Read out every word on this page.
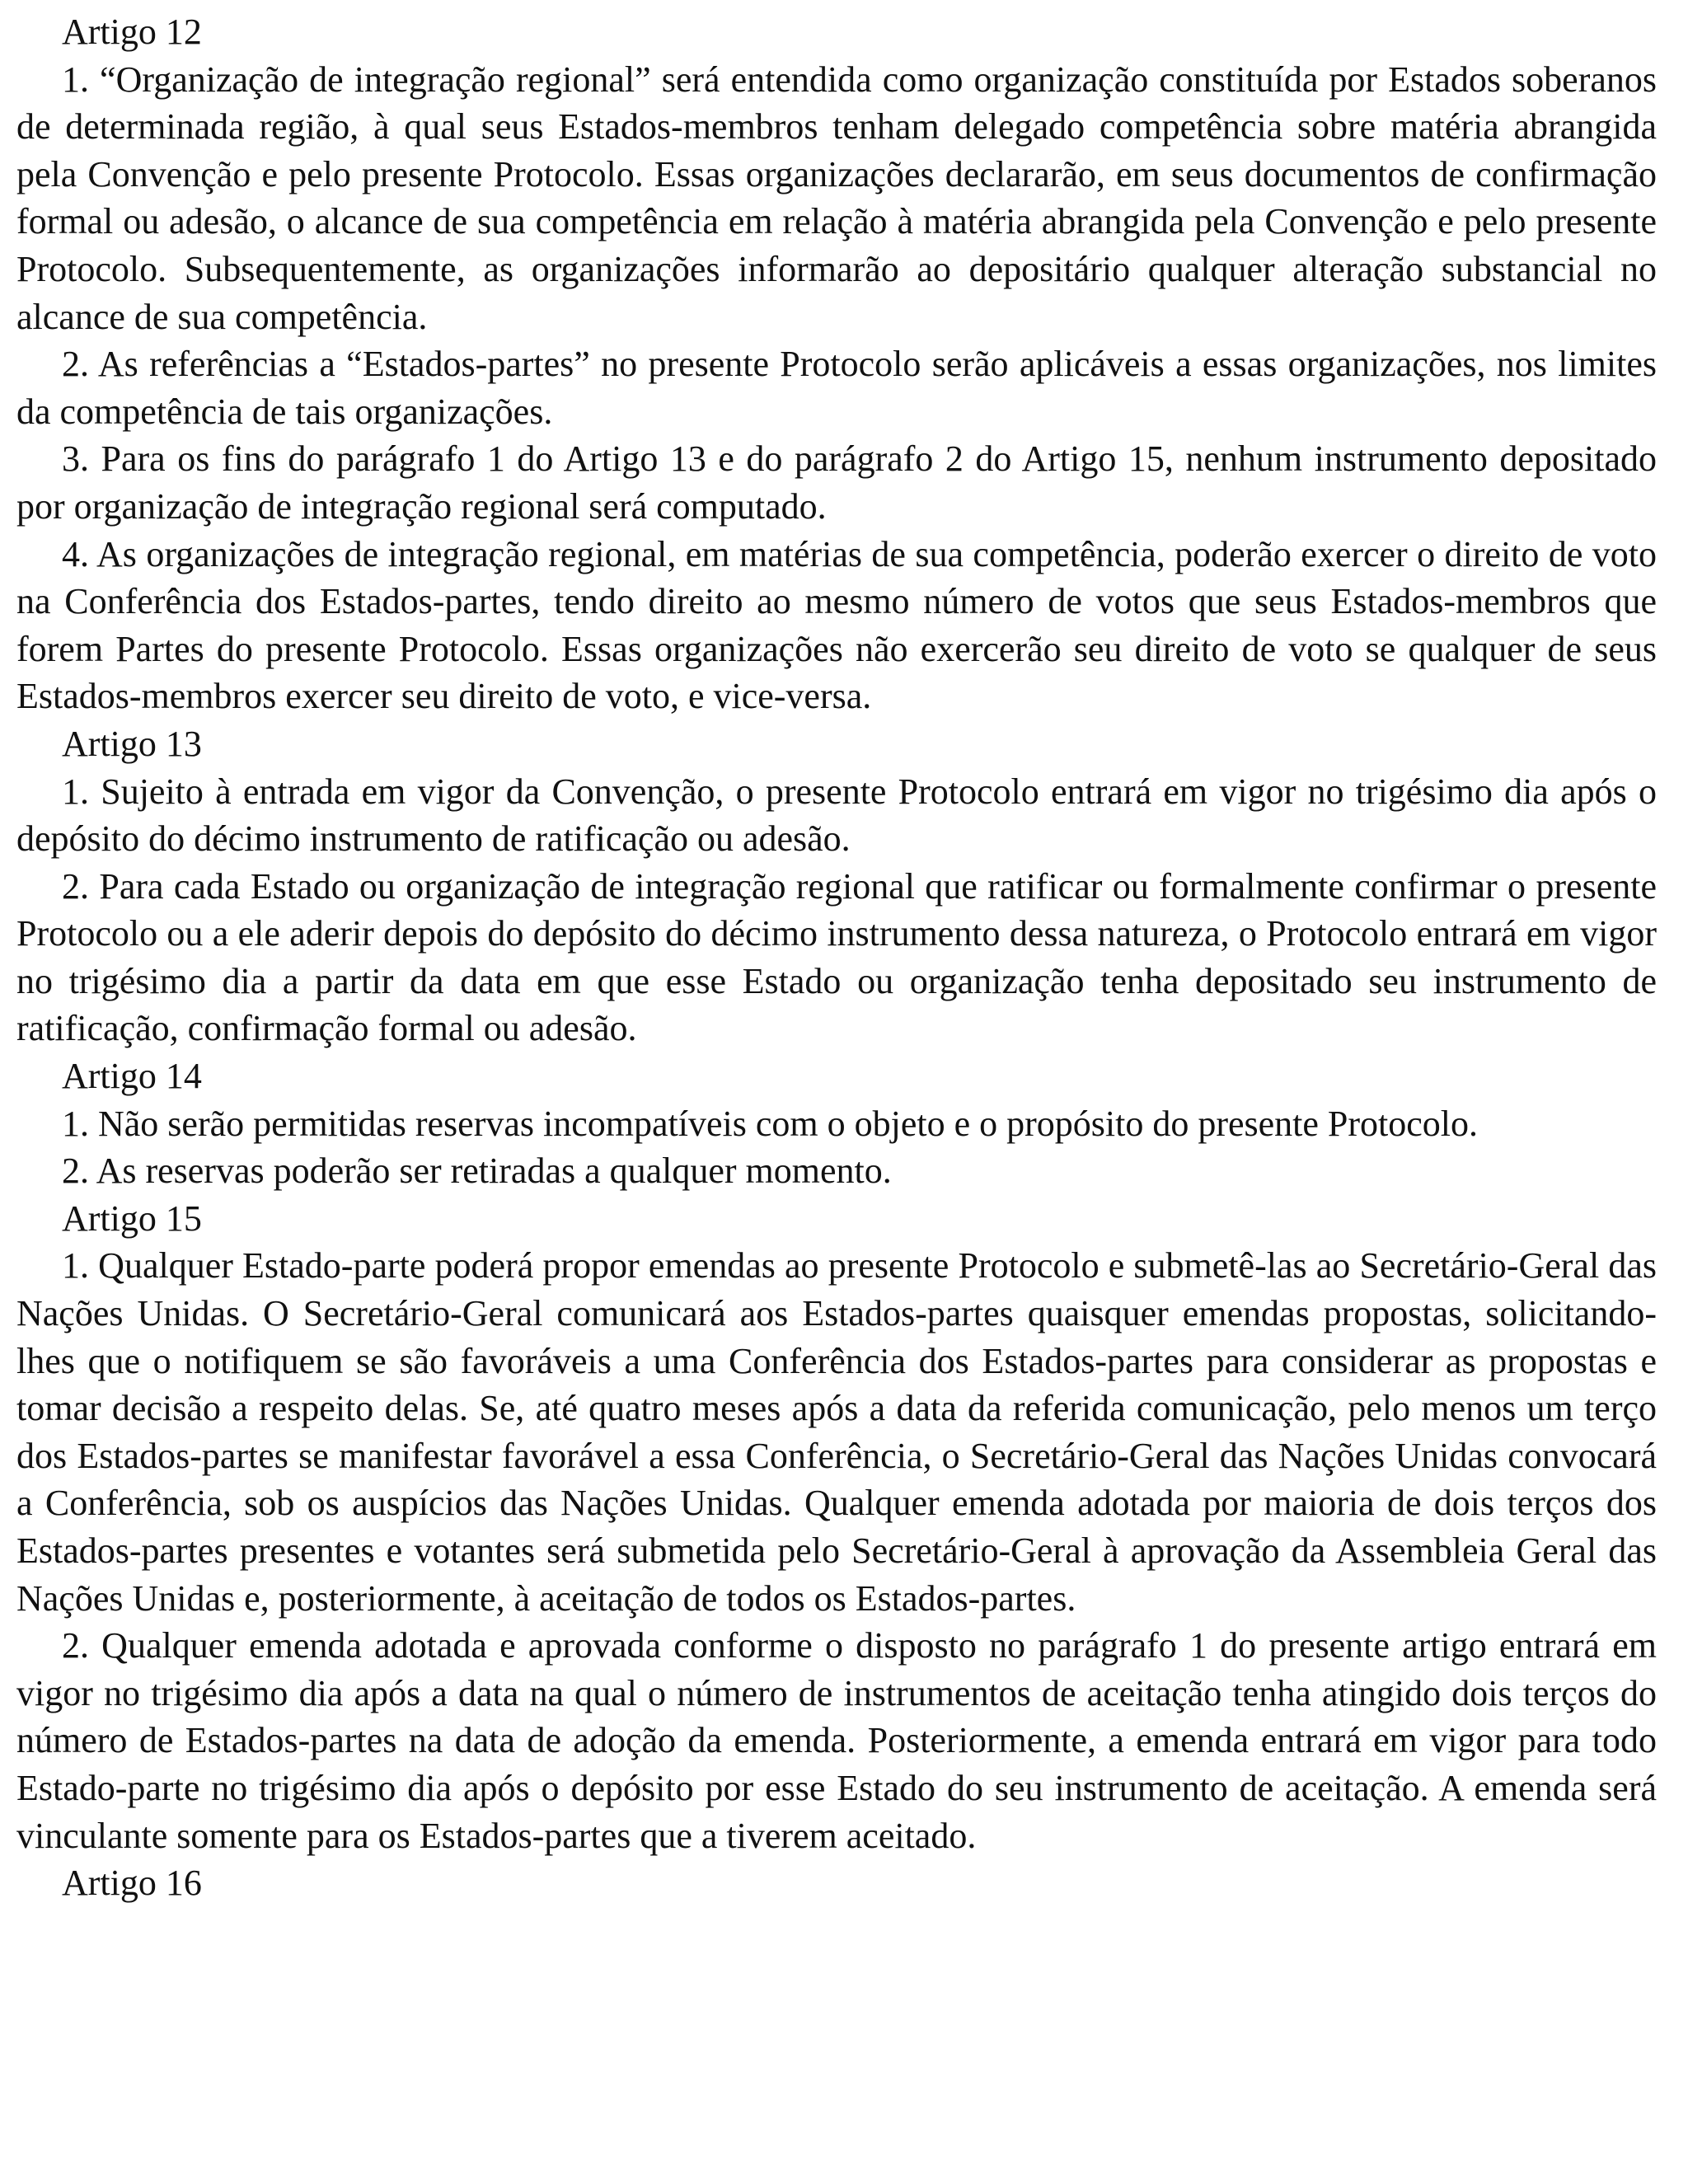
Artigo 12

1. “Organização de integração regional” será entendida como organização constituída por Estados soberanos de determinada região, à qual seus Estados-membros tenham delegado competência sobre matéria abrangida pela Convenção e pelo presente Protocolo. Essas organizações declararão, em seus documentos de confirmação formal ou adesão, o alcance de sua competência em relação à matéria abrangida pela Convenção e pelo presente Protocolo. Subsequentemente, as organizações informarão ao depositário qualquer alteração substancial no alcance de sua competência.

2. As referências a “Estados-partes” no presente Protocolo serão aplicáveis a essas organizações, nos limites da competência de tais organizações.

3. Para os fins do parágrafo 1 do Artigo 13 e do parágrafo 2 do Artigo 15, nenhum instrumento depositado por organização de integração regional será computado.

4. As organizações de integração regional, em matérias de sua competência, poderão exercer o direito de voto na Conferência dos Estados-partes, tendo direito ao mesmo número de votos que seus Estados-membros que forem Partes do presente Protocolo. Essas organizações não exercerão seu direito de voto se qualquer de seus Estados-membros exercer seu direito de voto, e vice-versa.

Artigo 13

1. Sujeito à entrada em vigor da Convenção, o presente Protocolo entrará em vigor no trigésimo dia após o depósito do décimo instrumento de ratificação ou adesão.

2. Para cada Estado ou organização de integração regional que ratificar ou formalmente confirmar o presente Protocolo ou a ele aderir depois do depósito do décimo instrumento dessa natureza, o Protocolo entrará em vigor no trigésimo dia a partir da data em que esse Estado ou organização tenha depositado seu instrumento de ratificação, confirmação formal ou adesão.

Artigo 14

1. Não serão permitidas reservas incompatíveis com o objeto e o propósito do presente Protocolo.

2. As reservas poderão ser retiradas a qualquer momento.

Artigo 15

1. Qualquer Estado-parte poderá propor emendas ao presente Protocolo e submetê-las ao Secretário-Geral das Nações Unidas. O Secretário-Geral comunicará aos Estados-partes quaisquer emendas propostas, solicitando-lhes que o notifiquem se são favoráveis a uma Conferência dos Estados-partes para considerar as propostas e tomar decisão a respeito delas. Se, até quatro meses após a data da referida comunicação, pelo menos um terço dos Estados-partes se manifestar favorável a essa Conferência, o Secretário-Geral das Nações Unidas convocará a Conferência, sob os auspícios das Nações Unidas. Qualquer emenda adotada por maioria de dois terços dos Estados-partes presentes e votantes será submetida pelo Secretário-Geral à aprovação da Assembleia Geral das Nações Unidas e, posteriormente, à aceitação de todos os Estados-partes.

2. Qualquer emenda adotada e aprovada conforme o disposto no parágrafo 1 do presente artigo entrará em vigor no trigésimo dia após a data na qual o número de instrumentos de aceitação tenha atingido dois terços do número de Estados-partes na data de adoção da emenda. Posteriormente, a emenda entrará em vigor para todo Estado-parte no trigésimo dia após o depósito por esse Estado do seu instrumento de aceitação. A emenda será vinculante somente para os Estados-partes que a tiverem aceitado.

Artigo 16
